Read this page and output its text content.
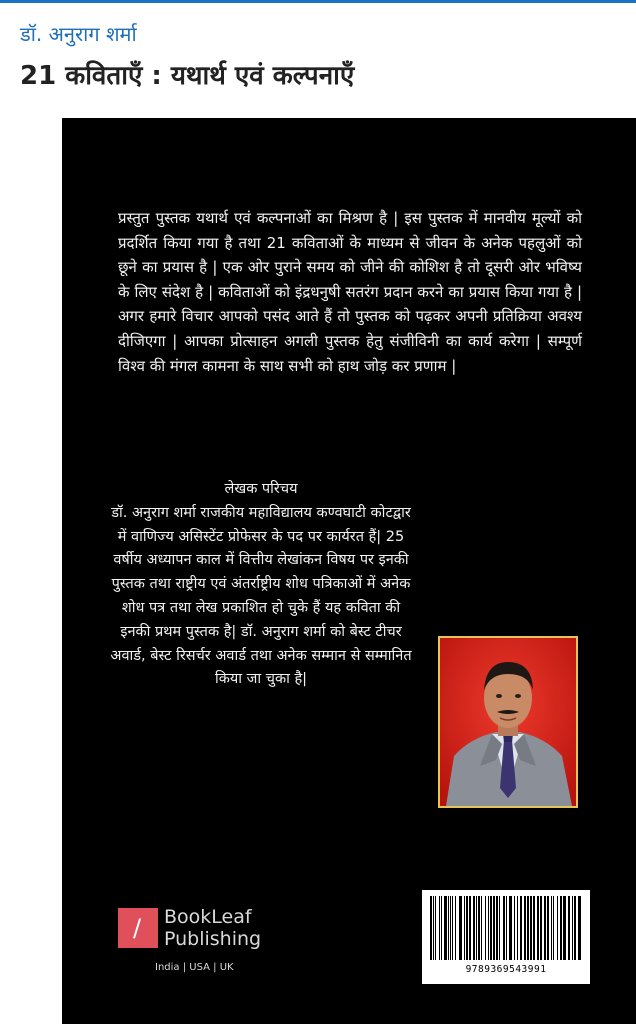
डॉ. अनुराग शर्मा
21 कविताएँ : यथार्थ एवं कल्पनाएँ
प्रस्तुत पुस्तक यथार्थ एवं कल्पनाओं का मिश्रण है | इस पुस्तक में मानवीय मूल्यों को प्रदर्शित किया गया है तथा 21 कविताओं के माध्यम से जीवन के अनेक पहलुओं को छूने का प्रयास है | एक ओर पुराने समय को जीने की कोशिश है तो दूसरी ओर भविष्य के लिए संदेश है | कविताओं को इंद्रधनुषी सतरंग प्रदान करने का प्रयास किया गया है |अगर हमारे विचार आपको पसंद आते हैं तो पुस्तक को पढ़कर अपनी प्रतिक्रिया अवश्य दीजिएगा | आपका प्रोत्साहन अगली पुस्तक हेतु संजीविनी का कार्य करेगा | सम्पूर्ण विश्व की मंगल कामना के साथ सभी को हाथ जोड़ कर प्रणाम |
लेखक परिचय
डॉ. अनुराग शर्मा राजकीय महाविद्यालय कण्वघाटी कोटद्वार में वाणिज्य असिस्टेंट प्रोफेसर के पद पर कार्यरत हैं| 25 वर्षीय अध्यापन काल में वित्तीय लेखांकन विषय पर इनकी पुस्तक तथा राष्ट्रीय एवं अंतर्राष्ट्रीय शोध पत्रिकाओं में अनेक शोध पत्र तथा लेख प्रकाशित हो चुके हैं यह कविता की इनकी प्रथम पुस्तक है| डॉ. अनुराग शर्मा को बेस्ट टीचर अवार्ड, बेस्ट रिसर्चर अवार्ड तथा अनेक सम्मान से सम्मानित किया जा चुका है|
/ BookLeaf
Publishing
India | USA | UK	9789369543991
